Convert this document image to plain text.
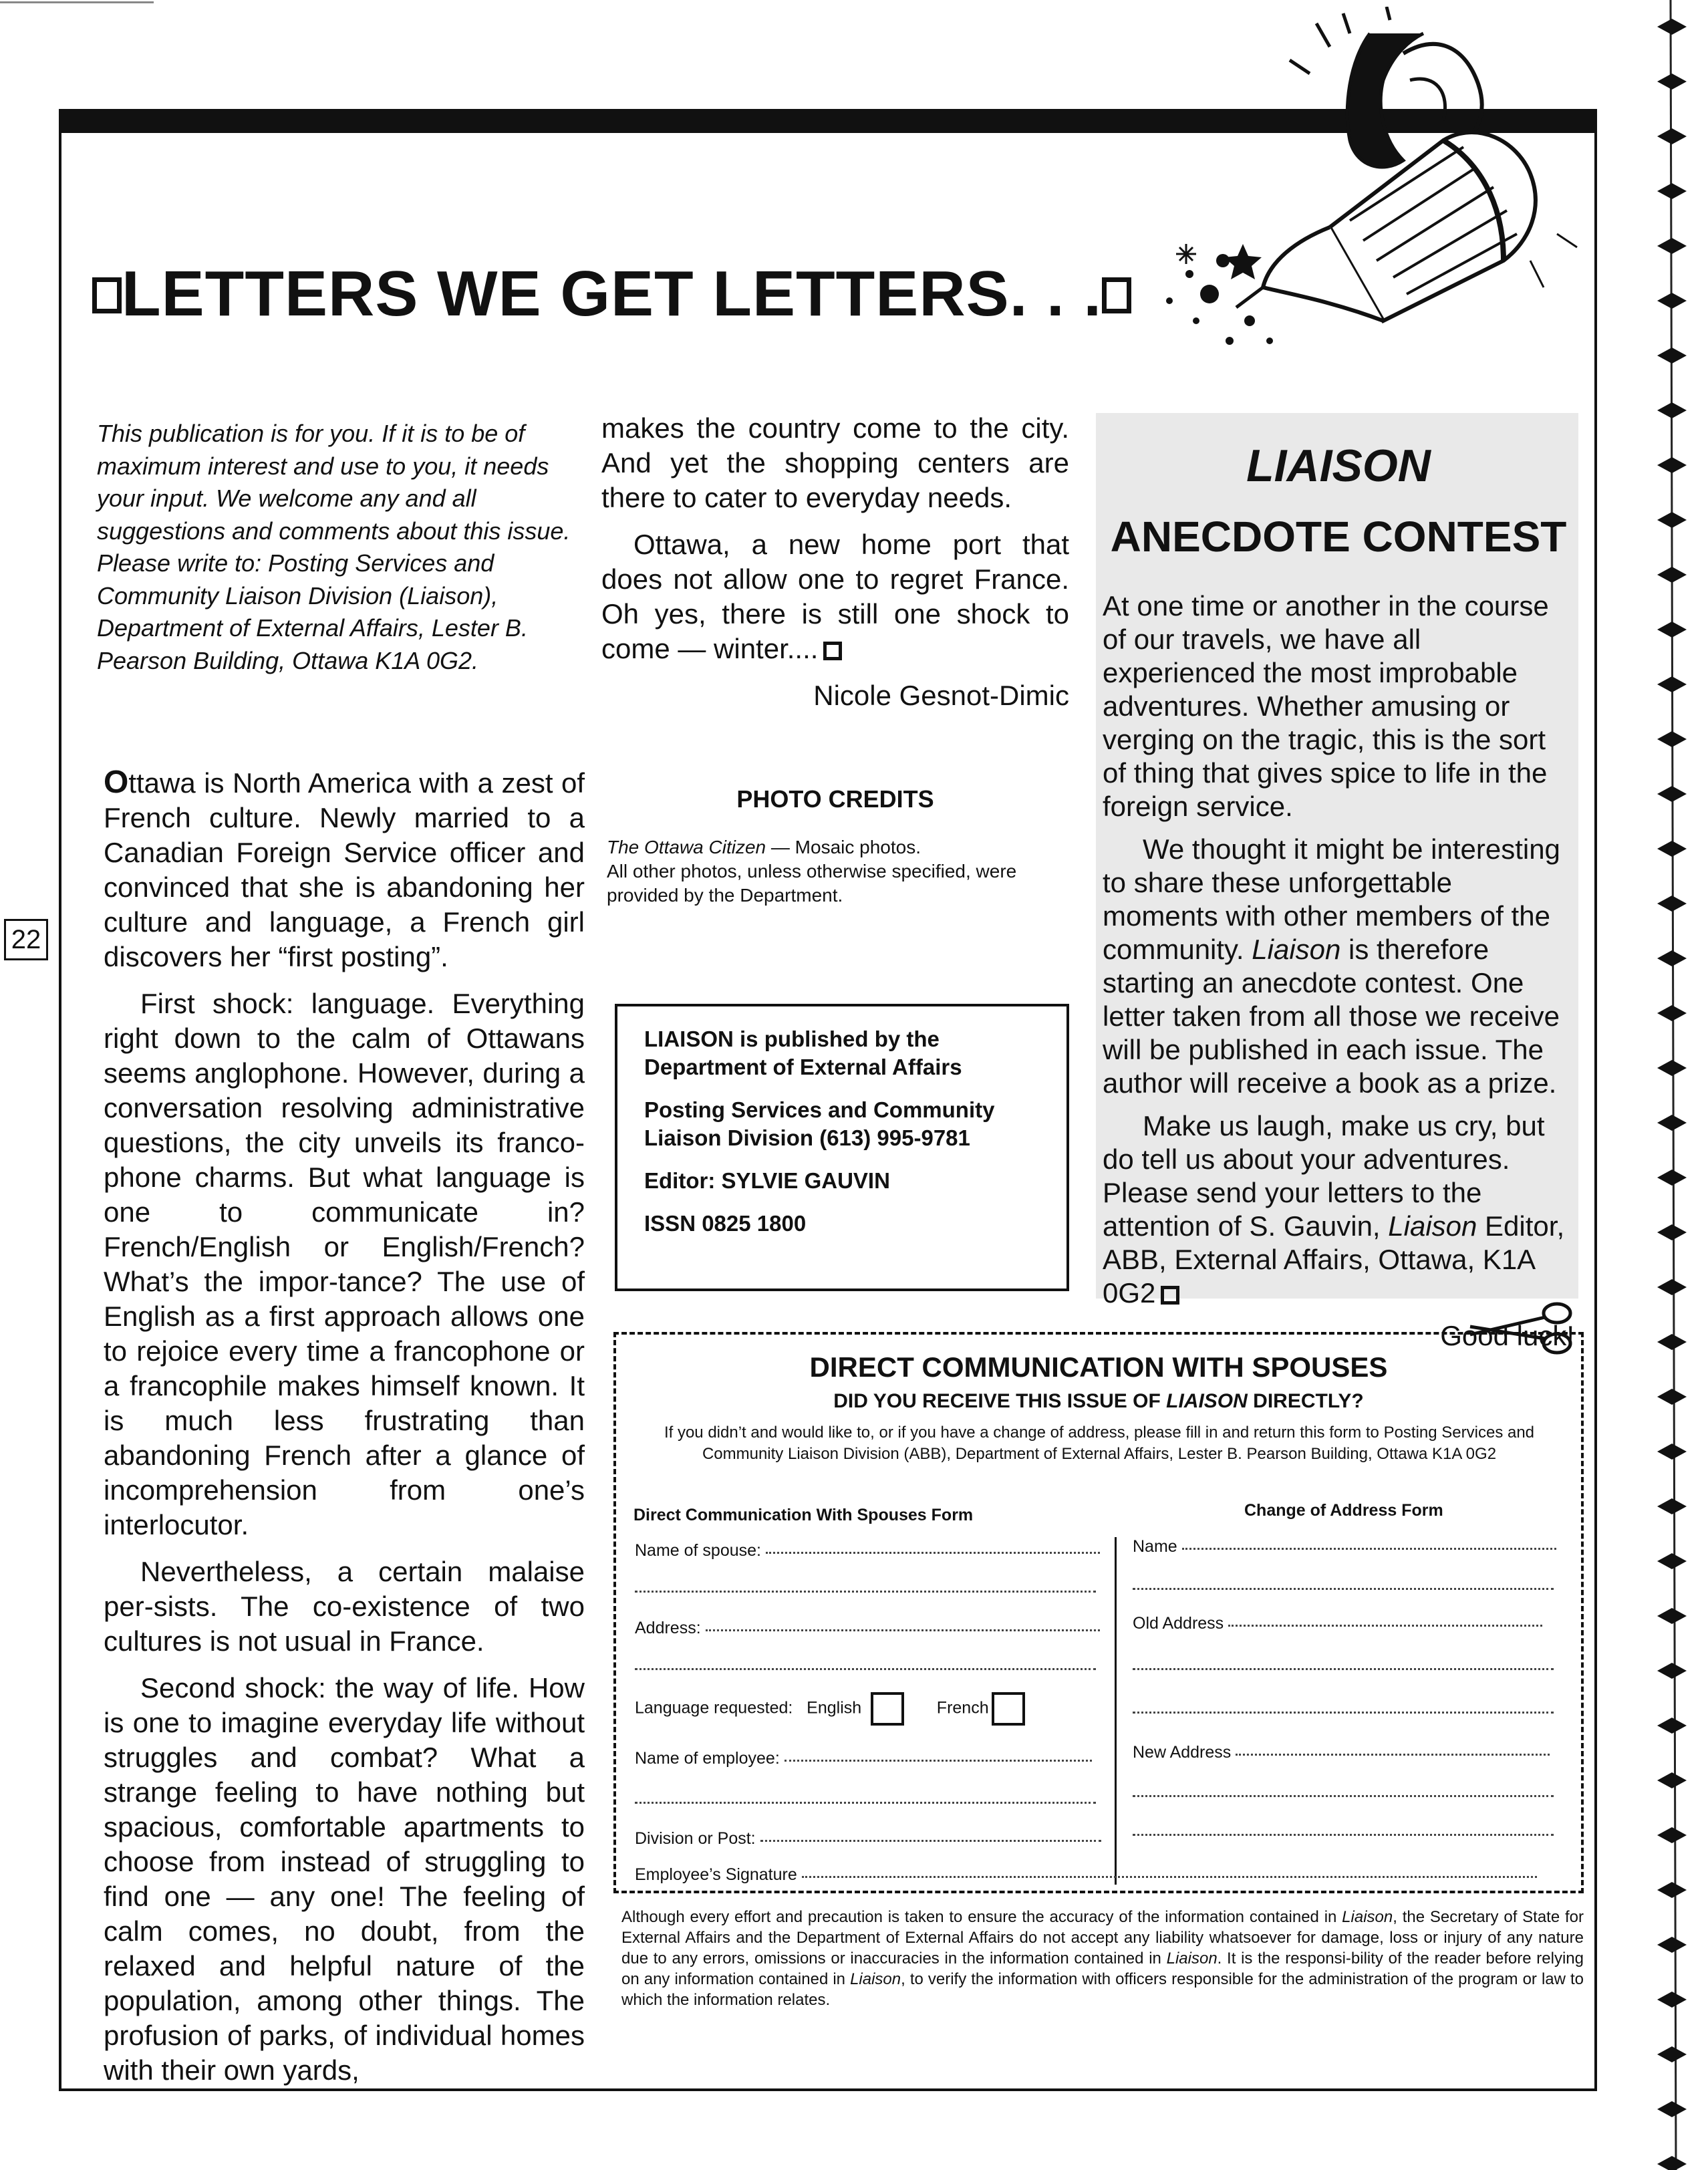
22
LETTERS WE GET LETTERS. . .
This publication is for you. If it is to be of maximum interest and use to you, it needs your input. We welcome any and all suggestions and comments about this issue. Please write to: Posting Services and Community Liaison Division (Liaison), Department of External Affairs, Lester B. Pearson Building, Ottawa K1A 0G2.

Ottawa is North America with a zest of French culture. Newly married to a Canadian Foreign Service officer and convinced that she is abandoning her culture and language, a French girl discovers her “first posting”.

First shock: language. Everything right down to the calm of Ottawans seems anglophone. However, during a conversation resolving administrative questions, the city unveils its franco-phone charms. But what language is one to communicate in? French/English or English/French? What’s the impor-tance? The use of English as a first approach allows one to rejoice every time a francophone or a francophile makes himself known. It is much less frustrating than abandoning French after a glance of incomprehension from one’s interlocutor.

Nevertheless, a certain malaise per-sists. The co-existence of two cultures is not usual in France.

Second shock: the way of life. How is one to imagine everyday life without struggles and combat? What a strange feeling to have nothing but spacious, comfortable apartments to choose from instead of struggling to find one — any one! The feeling of calm comes, no doubt, from the relaxed and helpful nature of the population, among other things. The profusion of parks, of individual homes with their own yards,

makes the country come to the city. And yet the shopping centers are there to cater to everyday needs.

Ottawa, a new home port that does not allow one to regret France. Oh yes, there is still one shock to come — winter....

Nicole Gesnot-Dimic

PHOTO CREDITS
The Ottawa Citizen — Mosaic photos.
All other photos, unless otherwise specified, were provided by the Department.

LIAISON is published by the Department of External Affairs

Posting Services and Community Liaison Division (613) 995-9781

Editor: SYLVIE GAUVIN

ISSN 0825 1800

LIAISON
ANECDOTE CONTEST

At one time or another in the course of our travels, we have all experienced the most improbable adventures. Whether amusing or verging on the tragic, this is the sort of thing that gives spice to life in the foreign service.

We thought it might be interesting to share these unforgettable moments with other members of the community. Liaison is therefore starting an anecdote contest. One letter taken from all those we receive will be published in each issue. The author will receive a book as a prize.

Make us laugh, make us cry, but do tell us about your adventures. Please send your letters to the attention of S. Gauvin, Liaison Editor, ABB, External Affairs, Ottawa, K1A 0G2

Good luck!

DIRECT COMMUNICATION WITH SPOUSES
DID YOU RECEIVE THIS ISSUE OF LIAISON DIRECTLY?
If you didn’t and would like to, or if you have a change of address, please fill in and return this form to Posting Services and Community Liaison Division (ABB), Department of External Affairs, Lester B. Pearson Building, Ottawa K1A 0G2
Direct Communication With Spouses Form	Change of Address Form
Name of spouse:
Address:
Language requested: English	French
Name of employee:
Division or Post:
Employee’s Signature
Name
Old Address
New Address
Although every effort and precaution is taken to ensure the accuracy of the information contained in Liaison, the Secretary of State for External Affairs and the Department of External Affairs do not accept any liability whatsoever for damage, loss or injury of any nature due to any errors, omissions or inaccuracies in the information contained in Liaison. It is the responsi-bility of the reader before relying on any information contained in Liaison, to verify the information with officers responsible for the administration of the program or law to which the information relates.
